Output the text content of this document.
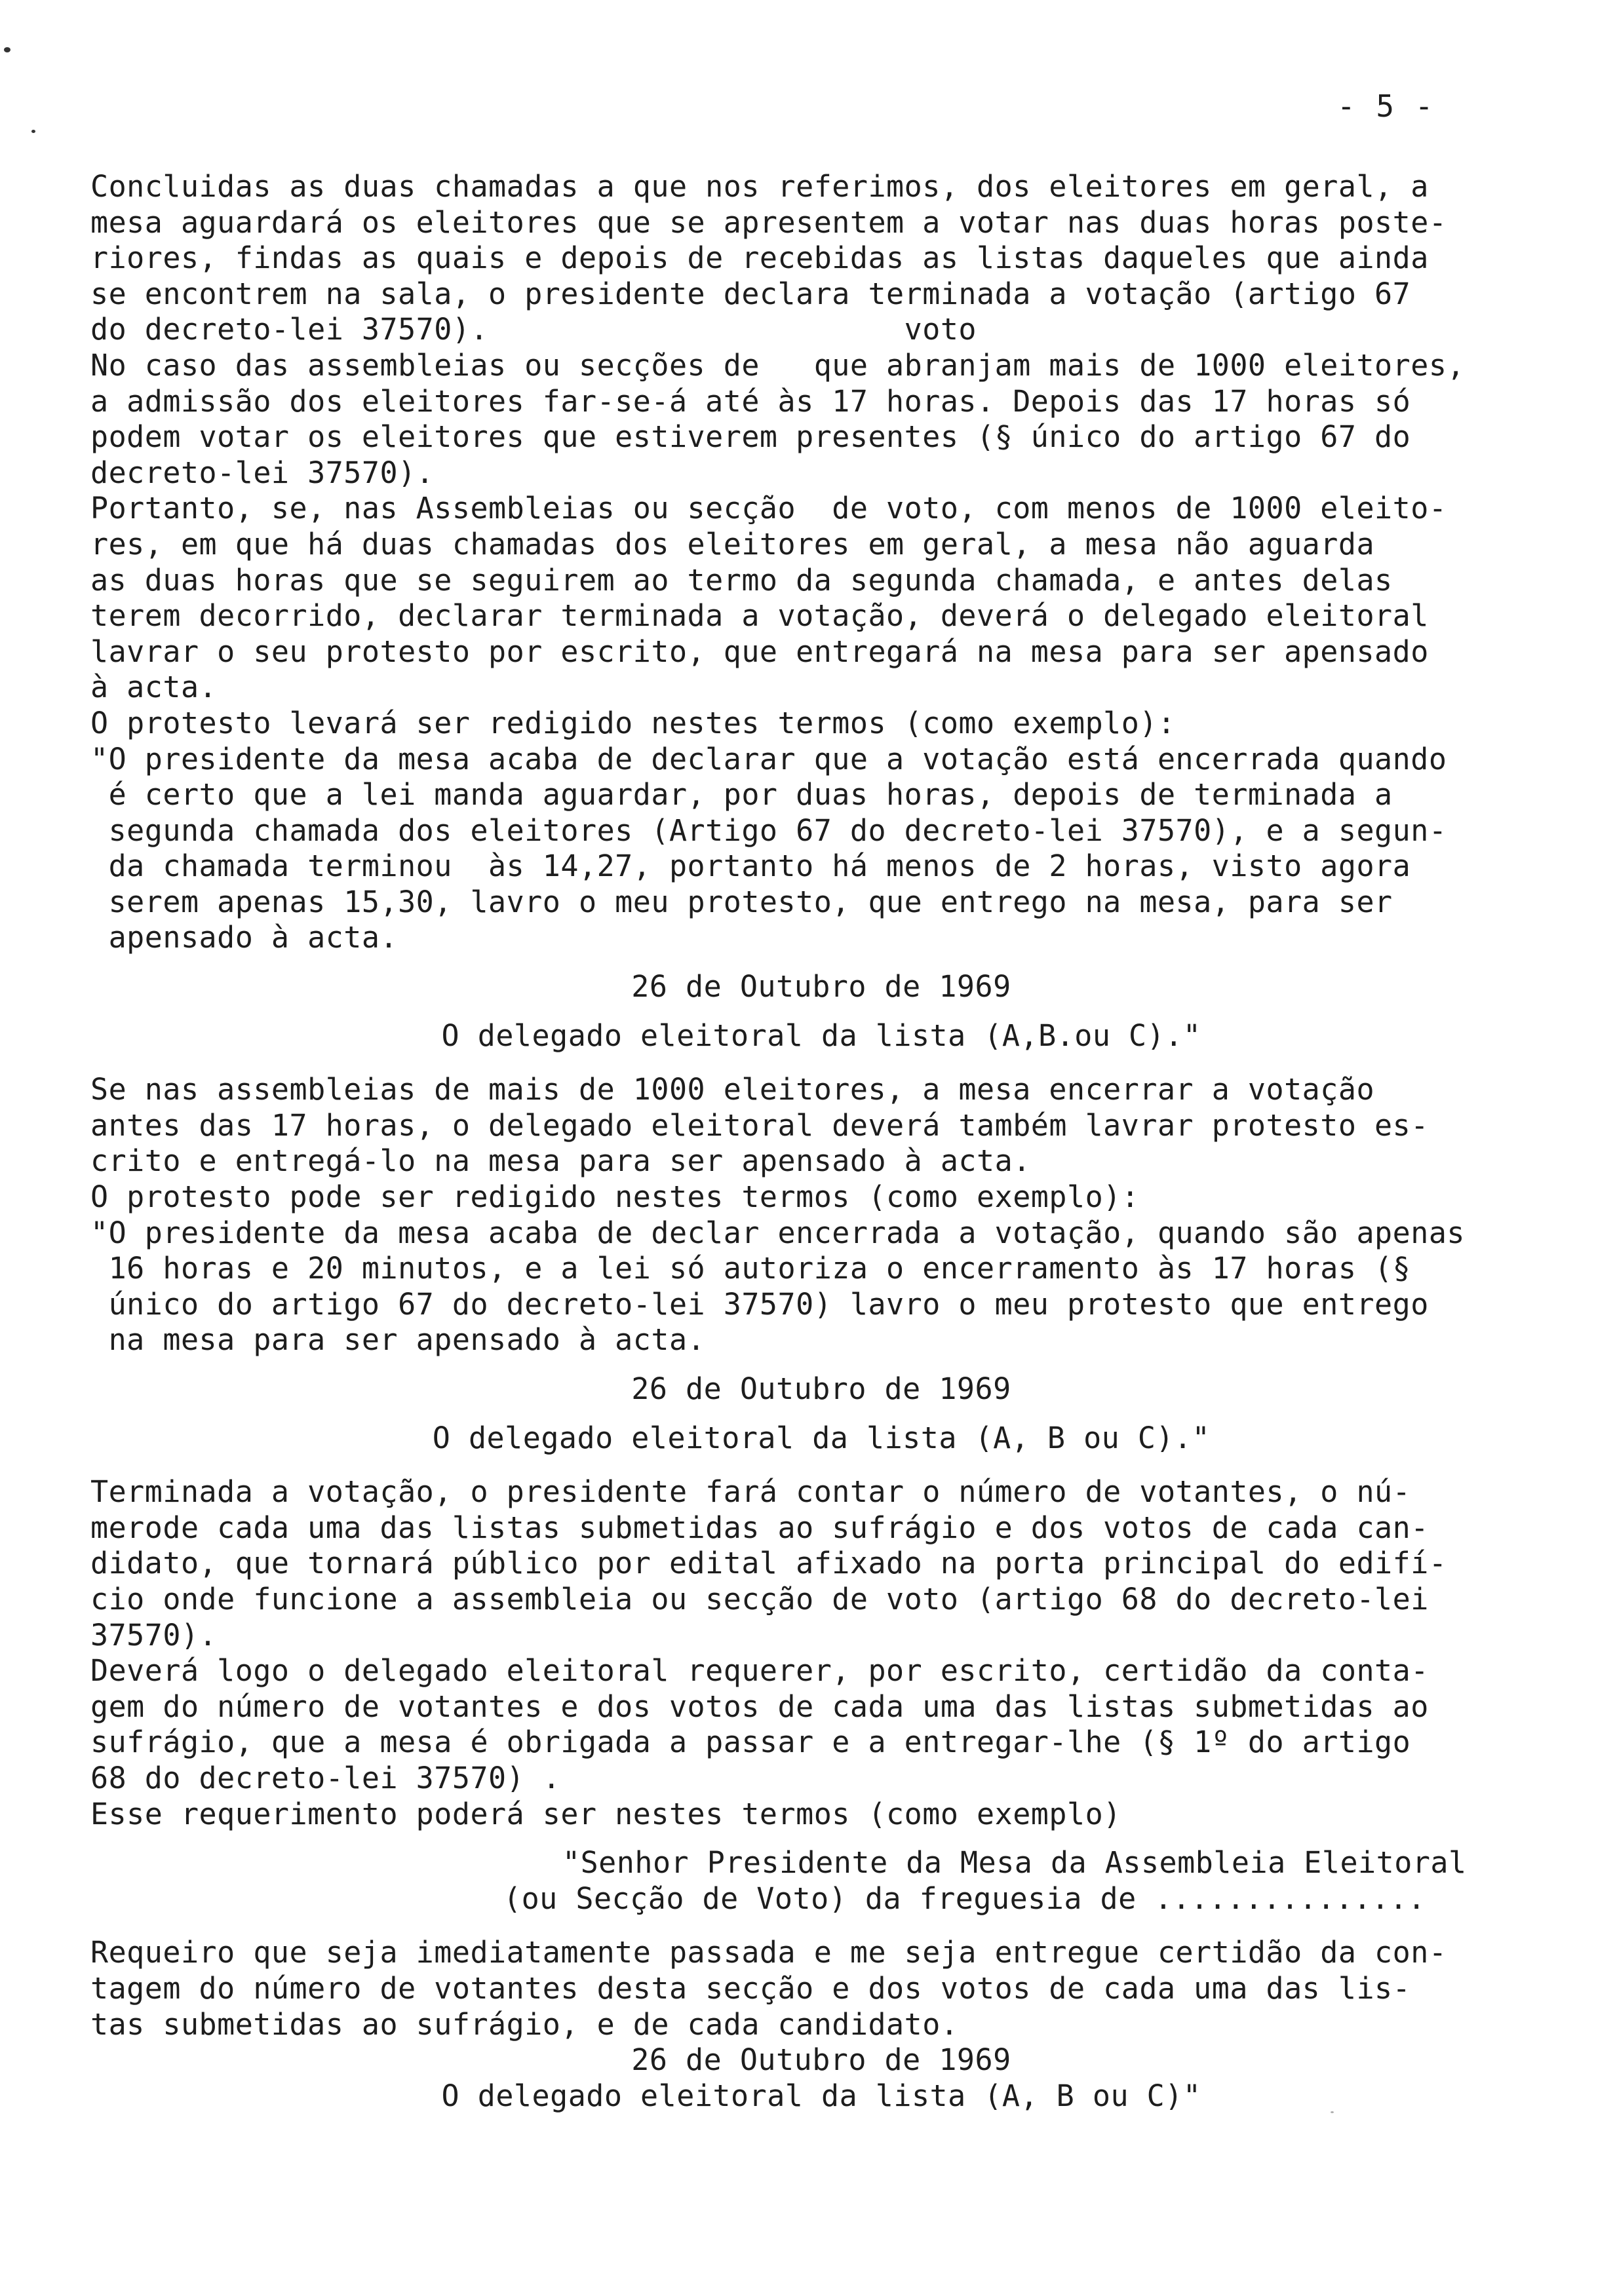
- 5 -
Concluidas as duas chamadas a que nos referimos, dos eleitores em geral, a
mesa aguardará os eleitores que se apresentem a votar nas duas horas poste-
riores, findas as quais e depois de recebidas as listas daqueles que ainda
se encontrem na sala, o presidente declara terminada a votação (artigo 67
do decreto-lei 37570).                       voto
No caso das assembleias ou secções de   que abranjam mais de 1000 eleitores,
a admissão dos eleitores far-se-á até às 17 horas. Depois das 17 horas só
podem votar os eleitores que estiverem presentes (§ único do artigo 67 do
decreto-lei 37570).
Portanto, se, nas Assembleias ou secção  de voto, com menos de 1000 eleito-
res, em que há duas chamadas dos eleitores em geral, a mesa não aguarda
as duas horas que se seguirem ao termo da segunda chamada, e antes delas
terem decorrido, declarar terminada a votação, deverá o delegado eleitoral
lavrar o seu protesto por escrito, que entregará na mesa para ser apensado
à acta.
O protesto levará ser redigido nestes termos (como exemplo):
"O presidente da mesa acaba de declarar que a votação está encerrada quando
é certo que a lei manda aguardar, por duas horas, depois de terminada a
segunda chamada dos eleitores (Artigo 67 do decreto-lei 37570), e a segun-
da chamada terminou  às 14,27, portanto há menos de 2 horas, visto agora
serem apenas 15,30, lavro o meu protesto, que entrego na mesa, para ser
apensado à acta.
26 de Outubro de 1969
O delegado eleitoral da lista (A,B.ou C)."
Se nas assembleias de mais de 1000 eleitores, a mesa encerrar a votação
antes das 17 horas, o delegado eleitoral deverá também lavrar protesto es-
crito e entregá-lo na mesa para ser apensado à acta.
O protesto pode ser redigido nestes termos (como exemplo):
"O presidente da mesa acaba de declar encerrada a votação, quando são apenas
16 horas e 20 minutos, e a lei só autoriza o encerramento às 17 horas (§
único do artigo 67 do decreto-lei 37570) lavro o meu protesto que entrego
na mesa para ser apensado à acta.
26 de Outubro de 1969
O delegado eleitoral da lista (A, B ou C)."
Terminada a votação, o presidente fará contar o número de votantes, o nú-
merode cada uma das listas submetidas ao sufrágio e dos votos de cada can-
didato, que tornará público por edital afixado na porta principal do edifí-
cio onde funcione a assembleia ou secção de voto (artigo 68 do decreto-lei
37570).
Deverá logo o delegado eleitoral requerer, por escrito, certidão da conta-
gem do número de votantes e dos votos de cada uma das listas submetidas ao
sufrágio, que a mesa é obrigada a passar e a entregar-lhe (§ 1º do artigo
68 do decreto-lei 37570) .
Esse requerimento poderá ser nestes termos (como exemplo)
"Senhor Presidente da Mesa da Assembleia Eleitoral
(ou Secção de Voto) da freguesia de ...............
Requeiro que seja imediatamente passada e me seja entregue certidão da con-
tagem do número de votantes desta secção e dos votos de cada uma das lis-
tas submetidas ao sufrágio, e de cada candidato.
26 de Outubro de 1969
O delegado eleitoral da lista (A, B ou C)"
